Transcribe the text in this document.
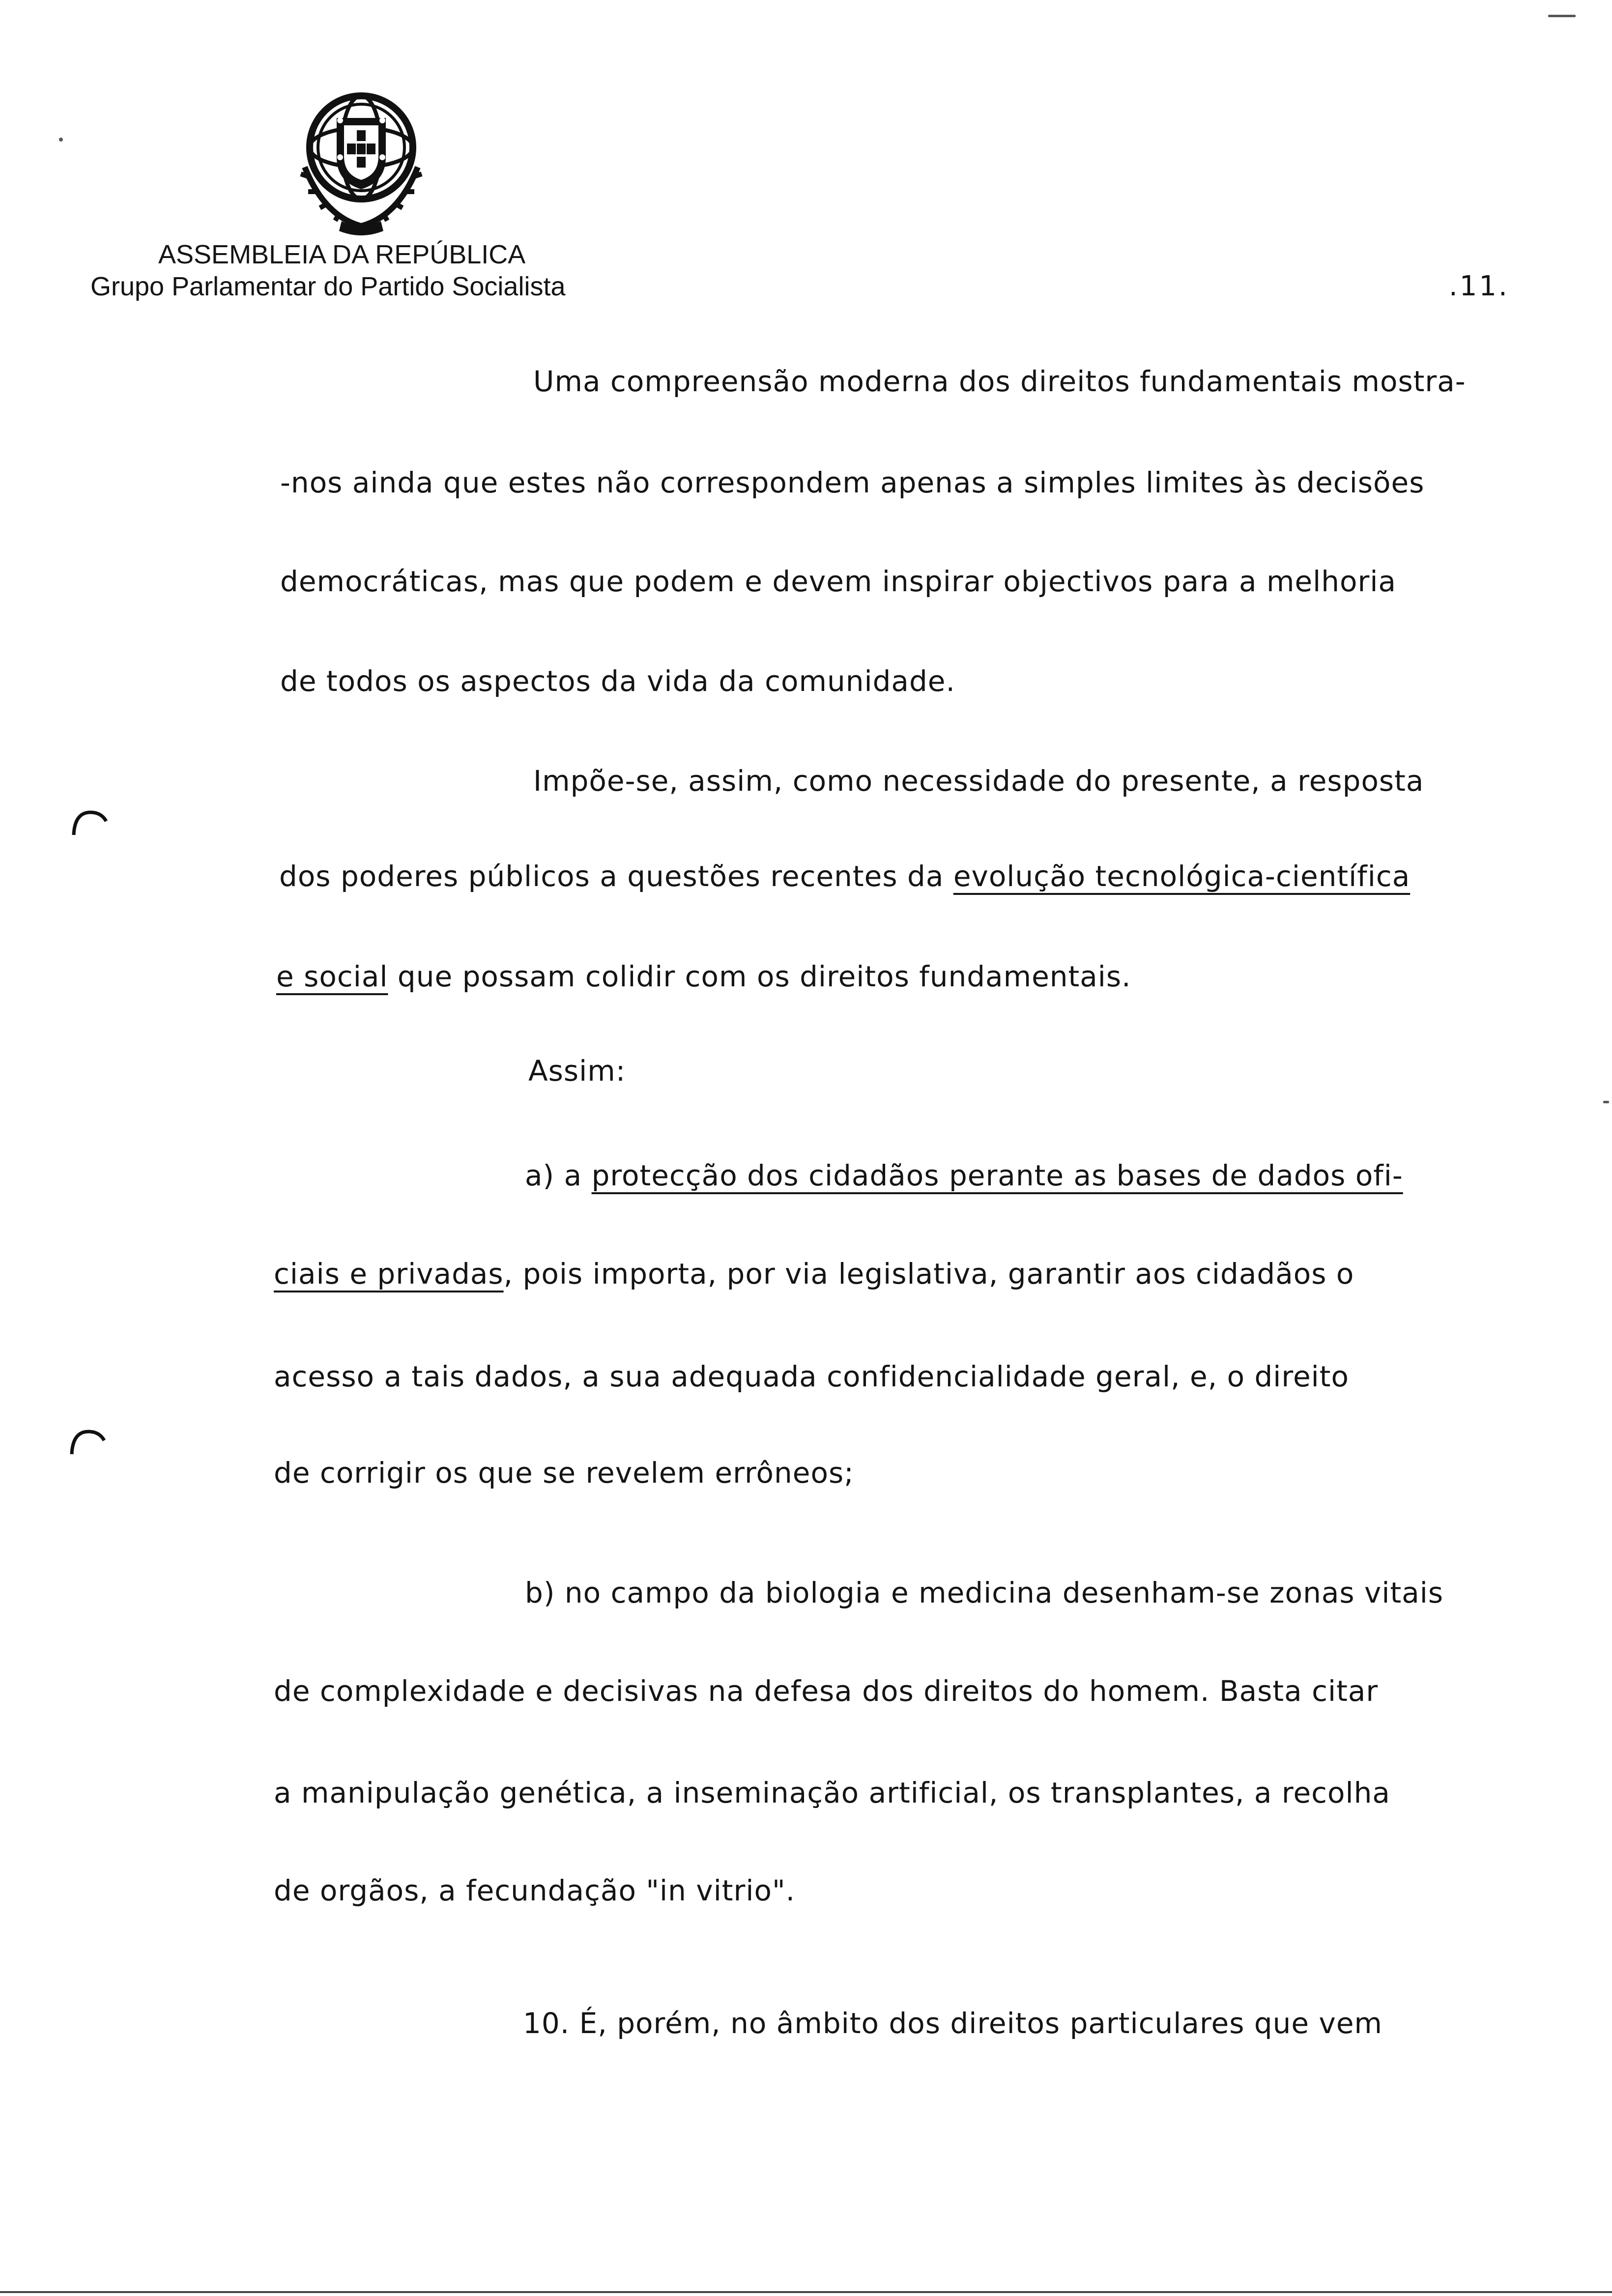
ASSEMBLEIA DA REPÚBLICA
Grupo Parlamentar do Partido Socialista	.11.
Uma compreensão moderna dos direitos fundamentais mostra-
-nos ainda que estes não correspondem apenas a simples limites às decisões
democráticas, mas que podem e devem inspirar objectivos para a melhoria
de todos os aspectos da vida da comunidade.
Impõe-se, assim, como necessidade do presente, a resposta
dos poderes públicos a questões recentes da evolução tecnológica-científica
e social que possam colidir com os direitos fundamentais.
Assim:
a) a protecção dos cidadãos perante as bases de dados ofi-
ciais e privadas, pois importa, por via legislativa, garantir aos cidadãos o
acesso a tais dados, a sua adequada confidencialidade geral, e, o direito
de corrigir os que se revelem errôneos;
b) no campo da biologia e medicina desenham-se zonas vitais
de complexidade e decisivas na defesa dos direitos do homem. Basta citar
a manipulação genética, a inseminação artificial, os transplantes, a recolha
de orgãos, a fecundação "in vitrio".
10. É, porém, no âmbito dos direitos particulares que vem
